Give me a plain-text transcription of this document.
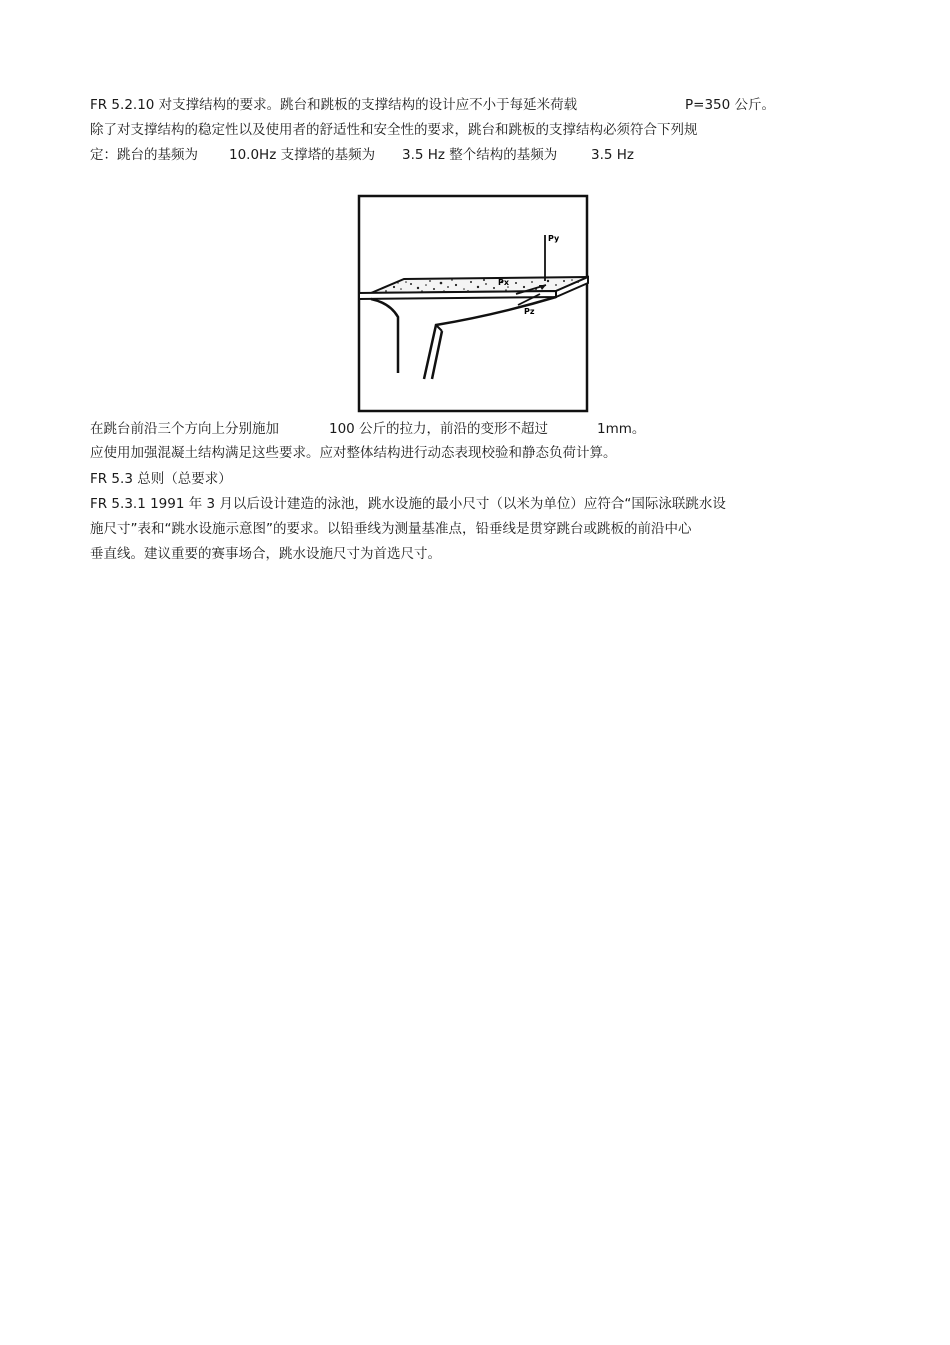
FR 5.2.10 对支撑结构的要求。跳台和跳板的支撑结构的设计应不小于每延米荷载

	P=350 公斤。

除了对支撑结构的稳定性以及使用者的舒适性和安全性的要求，跳台和跳板的支撑结构必须符合下列规

定：跳台的基频为

10.0Hz 支撑塔的基频为

3.5 Hz 整个结构的基频为

3.5 Hz

Py
Px
Pz

在跳台前沿三个方向上分别施加

	100 公斤的拉力，前沿的变形不超过

	1mm。

应使用加强混凝土结构满足这些要求。应对整体结构进行动态表现校验和静态负荷计算。

FR 5.3 总则（总要求）

FR 5.3.1 1991 年 3 月以后设计建造的泳池，跳水设施的最小尺寸（以米为单位）应符合“国际泳联跳水设

施尺寸”表和“跳水设施示意图”的要求。以铅垂线为测量基准点，铅垂线是贯穿跳台或跳板的前沿中心

垂直线。建议重要的赛事场合，跳水设施尺寸为首选尺寸。
